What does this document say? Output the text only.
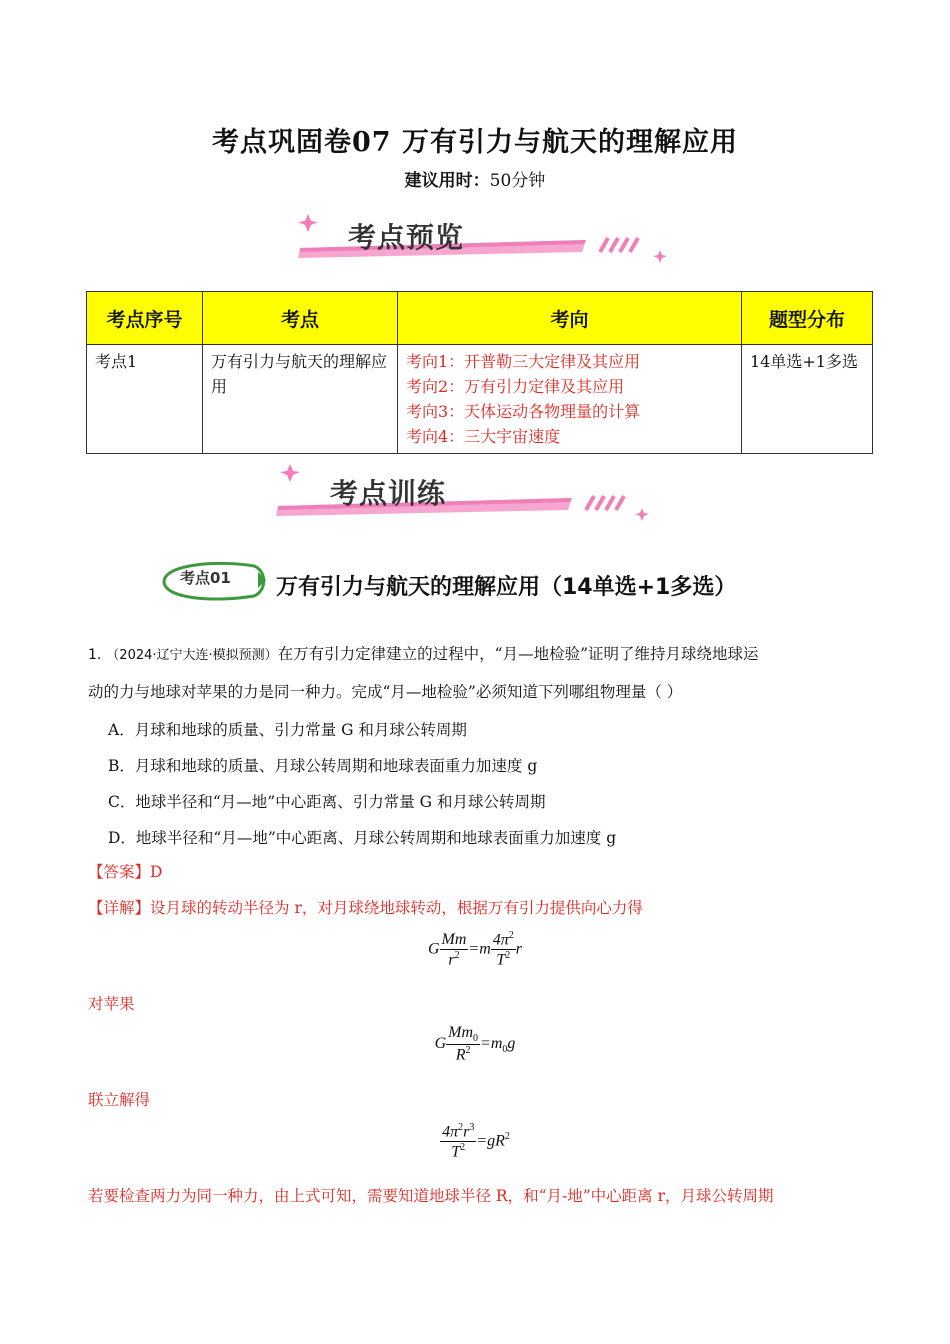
考点巩固卷07 万有引力与航天的理解应用
建议用时：50分钟
考点预览
考点序号	考点	考向	题型分布
考点1	万有引力与航天的理解应用	考向1：开普勒三大定律及其应用
考向2：万有引力定律及其应用
考向3：天体运动各物理量的计算
考向4：三大宇宙速度	14单选+1多选
考点训练
考点01 万有引力与航天的理解应用（14单选+1多选）
1. （2024·辽宁大连·模拟预测）在万有引力定律建立的过程中，“月—地检验”证明了维持月球绕地球运
动的力与地球对苹果的力是同一种力。完成“月—地检验”必须知道下列哪组物理量（ ）
A．月球和地球的质量、引力常量 G 和月球公转周期
B．月球和地球的质量、月球公转周期和地球表面重力加速度 g
C．地球半径和“月—地”中心距离、引力常量 G 和月球公转周期
D．地球半径和“月—地”中心距离、月球公转周期和地球表面重力加速度 g
【答案】D
【详解】设月球的转动半径为 r，对月球绕地球转动，根据万有引力提供向心力得
G $\frac{Mm}{r^2} =m \frac{4\pi^2}{T^2}$ r
对苹果
G $\frac{Mm_0}{R^2} =m_0g$
联立解得
$\frac{4\pi^2r^3}{T^2} =gR^2$
若要检查两力为同一种力，由上式可知，需要知道地球半径 R，和“月-地”中心距离 r，月球公转周期
